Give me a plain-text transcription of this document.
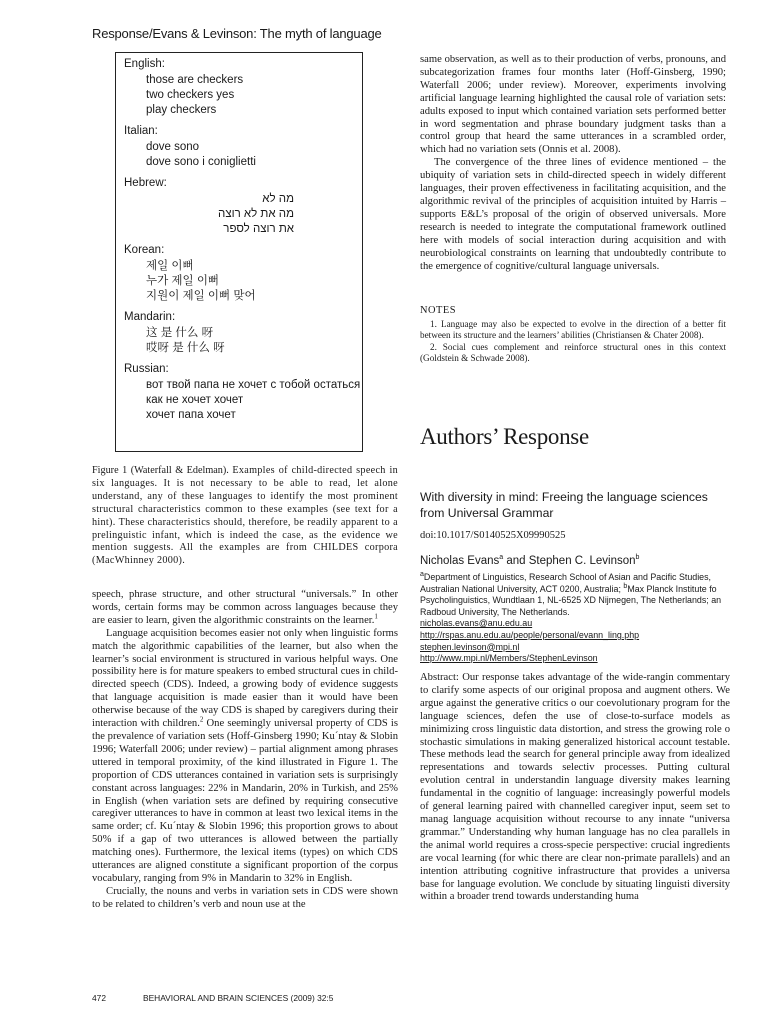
Response/Evans & Levinson: The myth of language
English:
those are checkers
two checkers yes
play checkers
Italian:
dove sono
dove sono i coniglietti
Hebrew:
מה לא
מה את לא רוצה
את רוצה לספר
Korean:
제일 이뻐
누가 제일 이뻐
지원이 제일 이뻐 맞어
Mandarin:
这 是 什么 呀
哎呀 是 什么 呀
Russian:
вот твой папа не хочет с тобой остаться
как не хочет хочет
хочет папа хочет
Figure 1 (Waterfall & Edelman). Examples of child-directed speech in six languages. It is not necessary to be able to read, let alone understand, any of these languages to identify the most prominent structural characteristics common to these examples (see text for a hint). These characteristics should, therefore, be readily apparent to a prelinguistic infant, which is indeed the case, as the evidence we mention suggests. All the examples are from CHILDES corpora (MacWhinney 2000).

speech, phrase structure, and other structural “universals.” In other words, certain forms may be common across languages because they are easier to learn, given the algorithmic constraints on the learner.$^1$

Language acquisition becomes easier not only when linguistic forms match the algorithmic capabilities of the learner, but also when the learner’s social environment is structured in various helpful ways. One possibility here is for mature speakers to embed structural cues in child-directed speech (CDS). Indeed, a growing body of evidence suggests that language acquisition is made easier than it would have been otherwise because of the way CDS is shaped by caregivers during their interaction with children.$^2$ One seemingly universal property of CDS is the prevalence of variation sets (Hoff-Ginsberg 1990; Ku´ntay & Slobin 1996; Waterfall 2006; under review) – partial alignment among phrases uttered in temporal proximity, of the kind illustrated in Figure 1. The proportion of CDS utterances contained in variation sets is surprisingly constant across languages: 22% in Mandarin, 20% in Turkish, and 25% in English (when variation sets are defined by requiring consecutive caregiver utterances to have in common at least two lexical items in the same order; cf. Ku´ntay & Slobin 1996; this proportion grows to about 50% if a gap of two utterances is allowed between the partially matching ones). Furthermore, the lexical items (types) on which CDS utterances are aligned constitute a significant proportion of the corpus vocabulary, ranging from 9% in Mandarin to 32% in English.

Crucially, the nouns and verbs in variation sets in CDS were shown to be related to children’s verb and noun use at the

same observation, as well as to their production of verbs, pronouns, and subcategorization frames four months later (Hoff-Ginsberg, 1990; Waterfall 2006; under review). Moreover, experiments involving artificial language learning highlighted the causal role of variation sets: adults exposed to input which contained variation sets performed better in word segmentation and phrase boundary judgment tasks than a control group that heard the same utterances in a scrambled order, which had no variation sets (Onnis et al. 2008).

The convergence of the three lines of evidence mentioned – the ubiquity of variation sets in child-directed speech in widely different languages, their proven effectiveness in facilitating acquisition, and the algorithmic revival of the principles of acquisition intuited by Harris – supports E&L’s proposal of the origin of observed universals. More research is needed to integrate the computational framework outlined here with models of social interaction during acquisition and with neurobiological constraints on learning that undoubtedly contribute to the emergence of cognitive/cultural language universals.

NOTES

1. Language may also be expected to evolve in the direction of a better fit between its structure and the learners’ abilities (Christiansen & Chater 2008).

2. Social cues complement and reinforce structural ones in this context (Goldstein & Schwade 2008).

Authors’ Response
With diversity in mind: Freeing the language sciences from Universal Grammar
doi:10.1017/S0140525X09990525
Nicholas Evans$^a$ and Stephen C. Levinson$^b$
$^a$Department of Linguistics, Research School of Asian and Pacific Studies, Australian National University, ACT 0200, Australia; $^b$Max Planck Institute fo Psycholinguistics, Wundtlaan 1, NL-6525 XD Nijmegen, The Netherlands; an Radboud University, The Netherlands.
nicholas.evans@anu.edu.au
http://rspas.anu.edu.au/people/personal/evann_ling.php
stephen.levinson@mpi.nl
http://www.mpi.nl/Members/StephenLevinson
Abstract: Our response takes advantage of the wide-rangin commentary to clarify some aspects of our original proposa and augment others. We argue against the generative critics o our coevolutionary program for the language sciences, defen the use of close-to-surface models as minimizing cross linguistic data distortion, and stress the growing role o stochastic simulations in making generalized historical account testable. These methods lead the search for general principle away from idealized representations and towards selectiv processes. Putting cultural evolution central in understandin language diversity makes learning fundamental in the cognitio of language: increasingly powerful models of general learning paired with channelled caregiver input, seem set to manag language acquisition without recourse to any innate “universa grammar.” Understanding why human language has no clea parallels in the animal world requires a cross-specie perspective: crucial ingredients are vocal learning (for whic there are clear non-primate parallels) and an intention attributing cognitive infrastructure that provides a universa base for language evolution. We conclude by situating linguisti diversity within a broader trend towards understanding huma
472	BEHAVIORAL AND BRAIN SCIENCES (2009) 32:5
